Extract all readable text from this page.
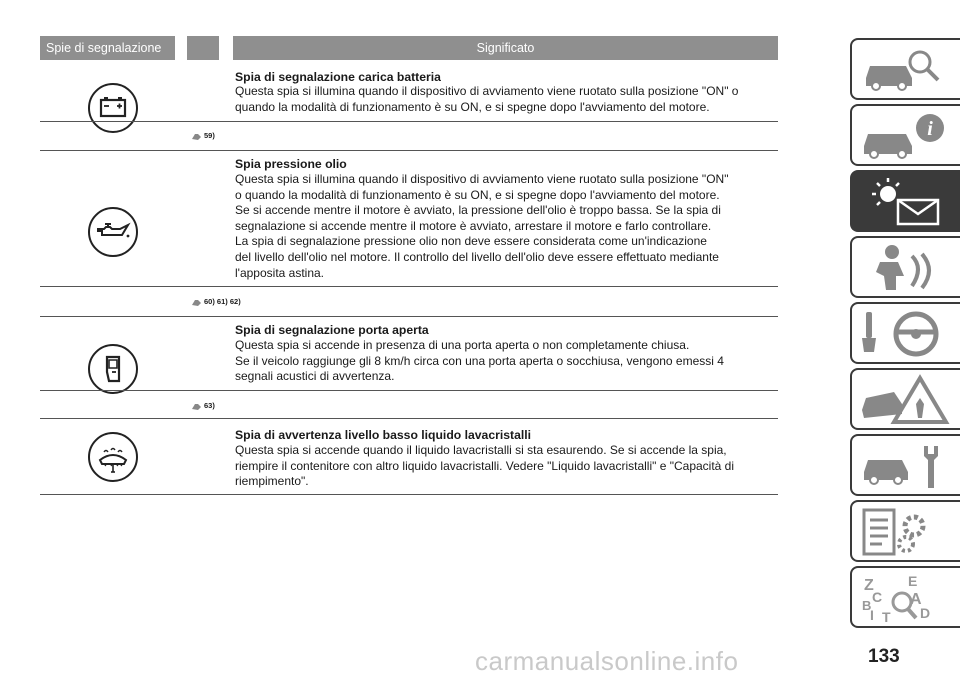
Spie di segnalazione	Significato
Spia di segnalazione carica batteria
Questa spia si illumina quando il dispositivo di avviamento viene ruotato sulla posizione "ON" o
quando la modalità di funzionamento è su ON, e si spegne dopo l'avviamento del motore.
59)
Spia pressione olio
Questa spia si illumina quando il dispositivo di avviamento viene ruotato sulla posizione "ON"
o quando la modalità di funzionamento è su ON, e si spegne dopo l'avviamento del motore.
Se si accende mentre il motore è avviato, la pressione dell'olio è troppo bassa. Se la spia di
segnalazione si accende mentre il motore è avviato, arrestare il motore e farlo controllare.
La spia di segnalazione pressione olio non deve essere considerata come un'indicazione
del livello dell'olio nel motore. Il controllo del livello dell'olio deve essere effettuato mediante
l'apposita astina.
60) 61) 62)
Spia di segnalazione porta aperta
Questa spia si accende in presenza di una porta aperta o non completamente chiusa.
Se il veicolo raggiunge gli 8 km/h circa con una porta aperta o socchiusa, vengono emessi 4
segnali acustici di avvertenza.
63)
Spia di avvertenza livello basso liquido lavacristalli
Questa spia si accende quando il liquido lavacristalli si sta esaurendo. Se si accende la spia,
riempire il contenitore con altro liquido lavacristalli. Vedere "Liquido lavacristalli" e "Capacità di
riempimento".
i
Z E
B
C A
I T D
carmanualsonline.info	133
